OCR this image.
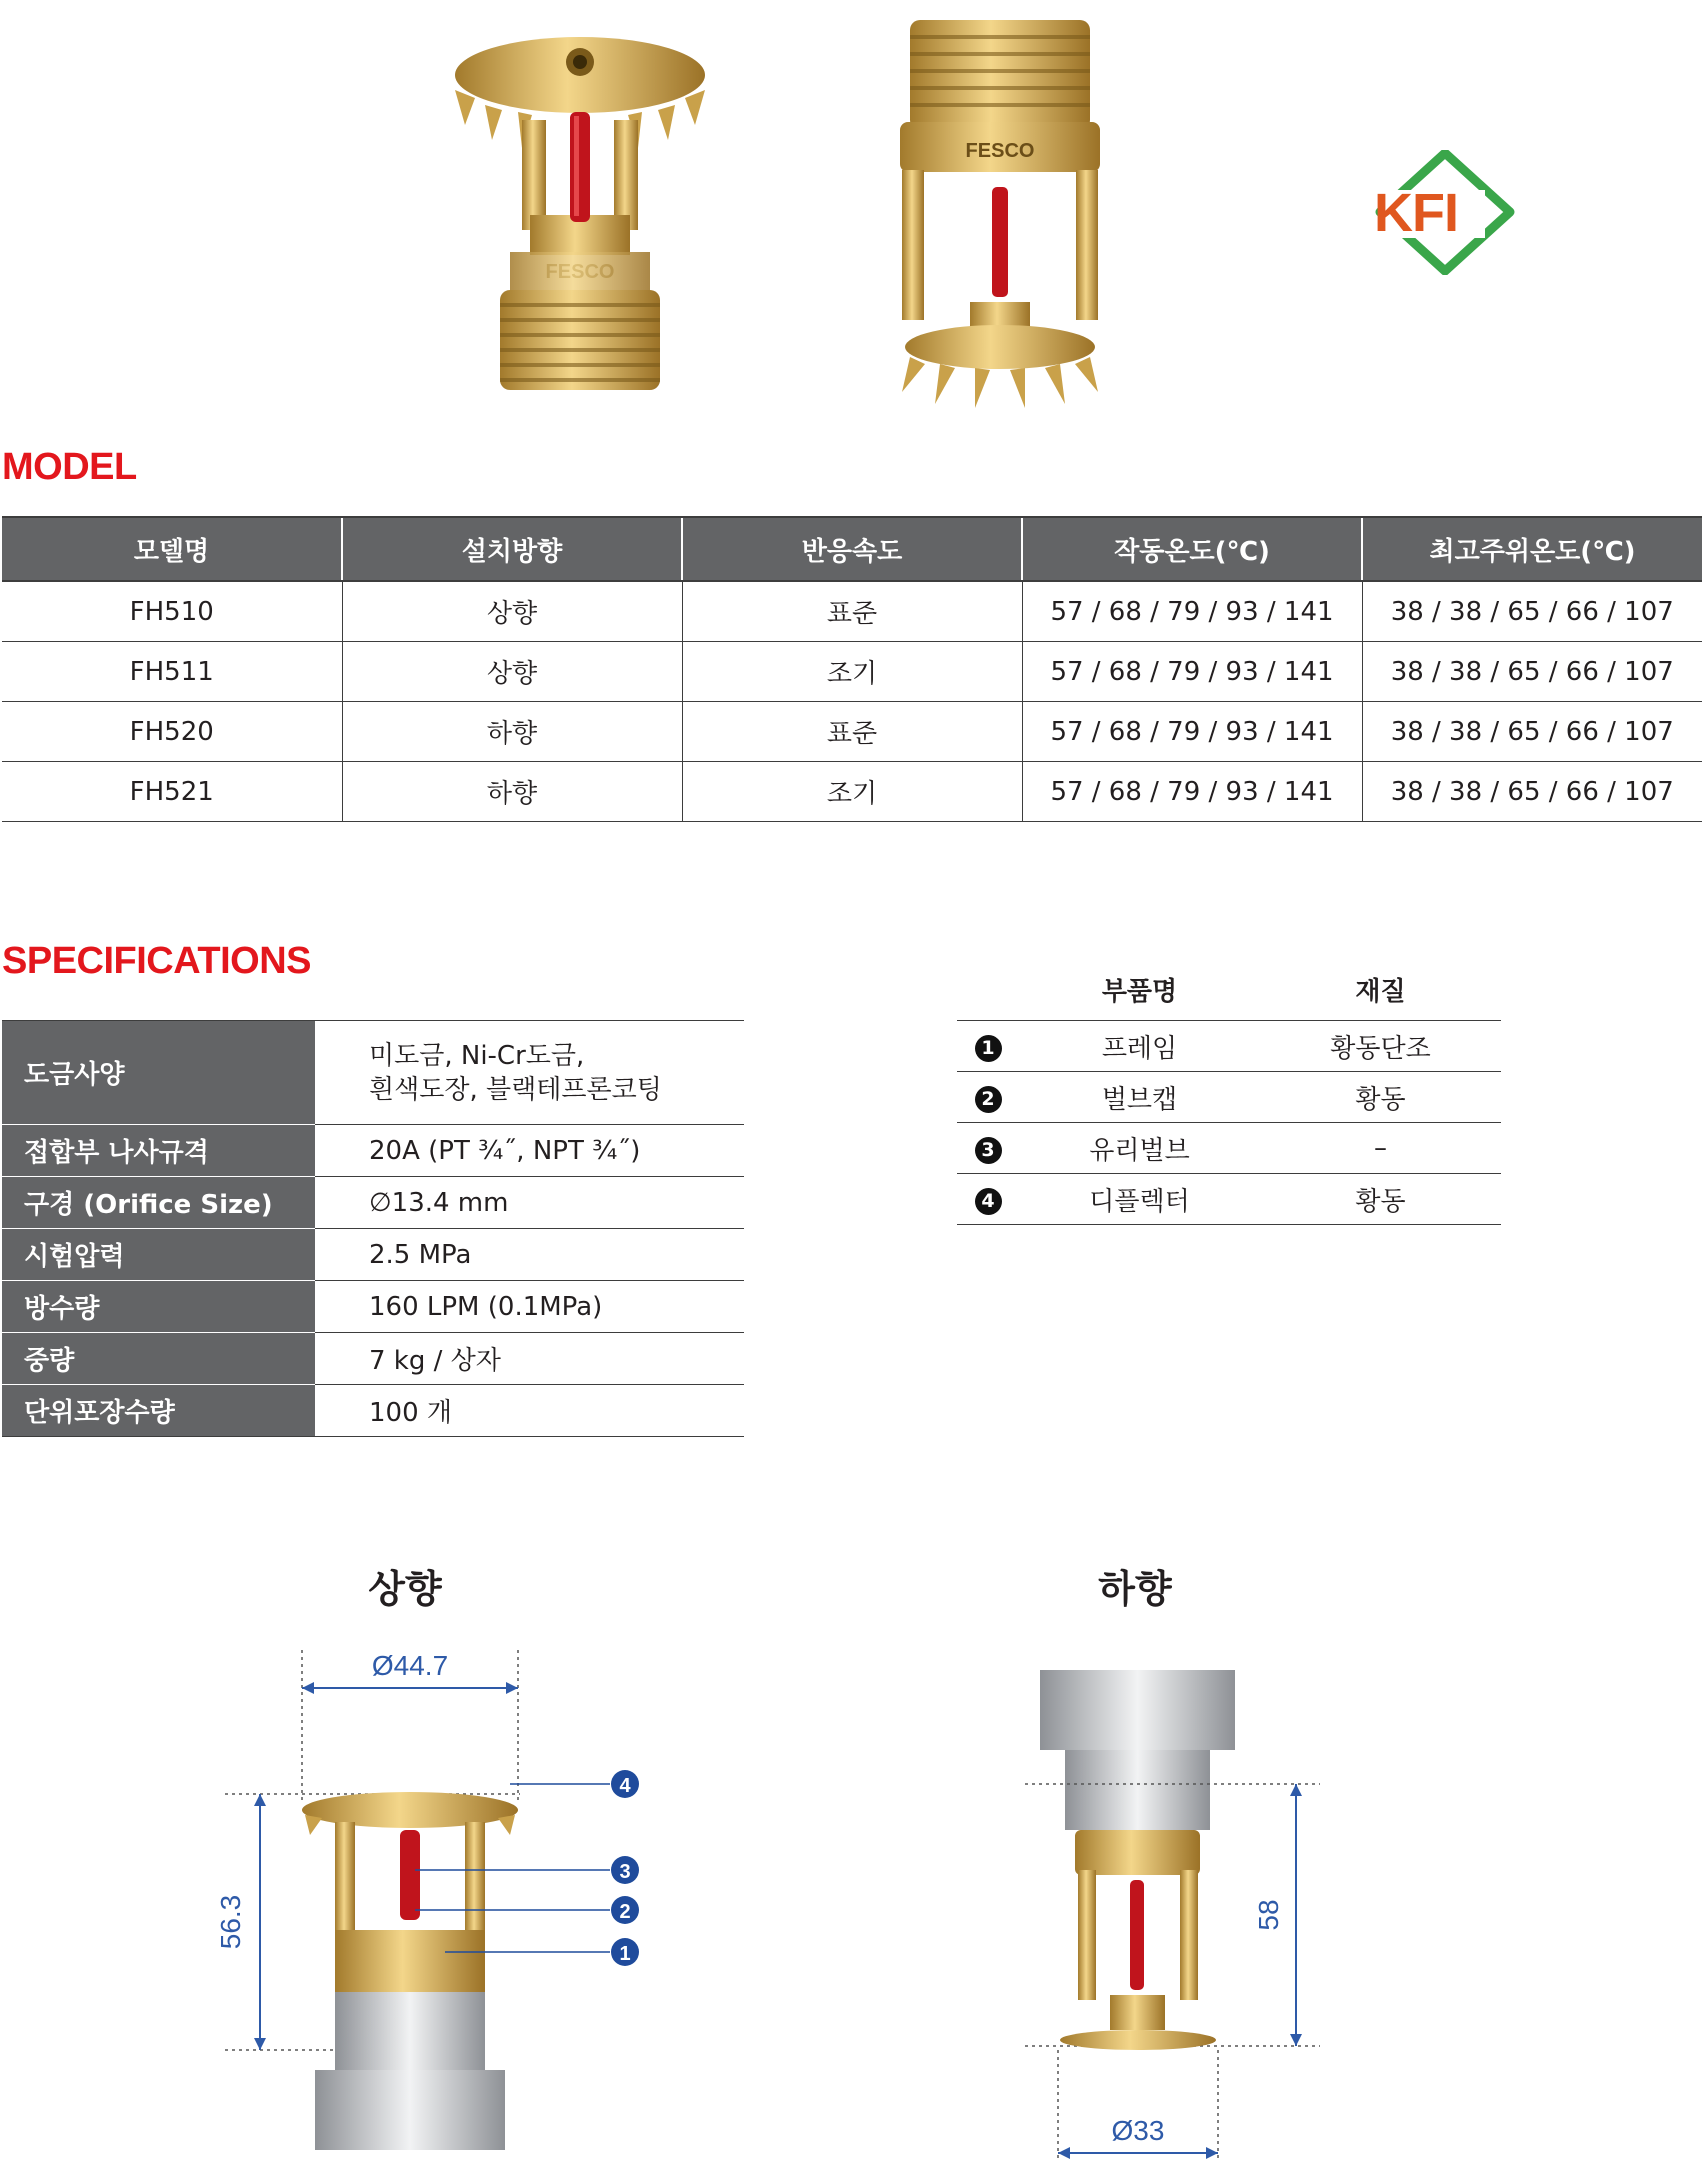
FESCO
KFI
MODEL
모델명	설치방향	반응속도	작동온도(℃)	최고주위온도(℃)
FH510	상향	표준	57 / 68 / 79 / 93 / 141	38 / 38 / 65 / 66 / 107
FH511	상향	조기	57 / 68 / 79 / 93 / 141	38 / 38 / 65 / 66 / 107
FH520	하향	표준	57 / 68 / 79 / 93 / 141	38 / 38 / 65 / 66 / 107
FH521	하향	조기	57 / 68 / 79 / 93 / 141	38 / 38 / 65 / 66 / 107
SPECIFICATIONS
도금사양	미도금, Ni-Cr도금,
흰색도장, 블랙테프론코팅

접합부 나사규격	20A (PT ¾˝, NPT ¾˝)
구경 (Orifice Size)	∅13.4 mm
시험압력	2.5 MPa
방수량	160 LPM (0.1MPa)
중량	7 kg / 상자
단위포장수량	100 개
	부품명	재질
1	프레임	황동단조
2	벌브캡	황동
3	유리벌브	–
4	디플렉터	황동
상향	하향
Ø44.7
56.3
4
3
2
1
58
Ø33
